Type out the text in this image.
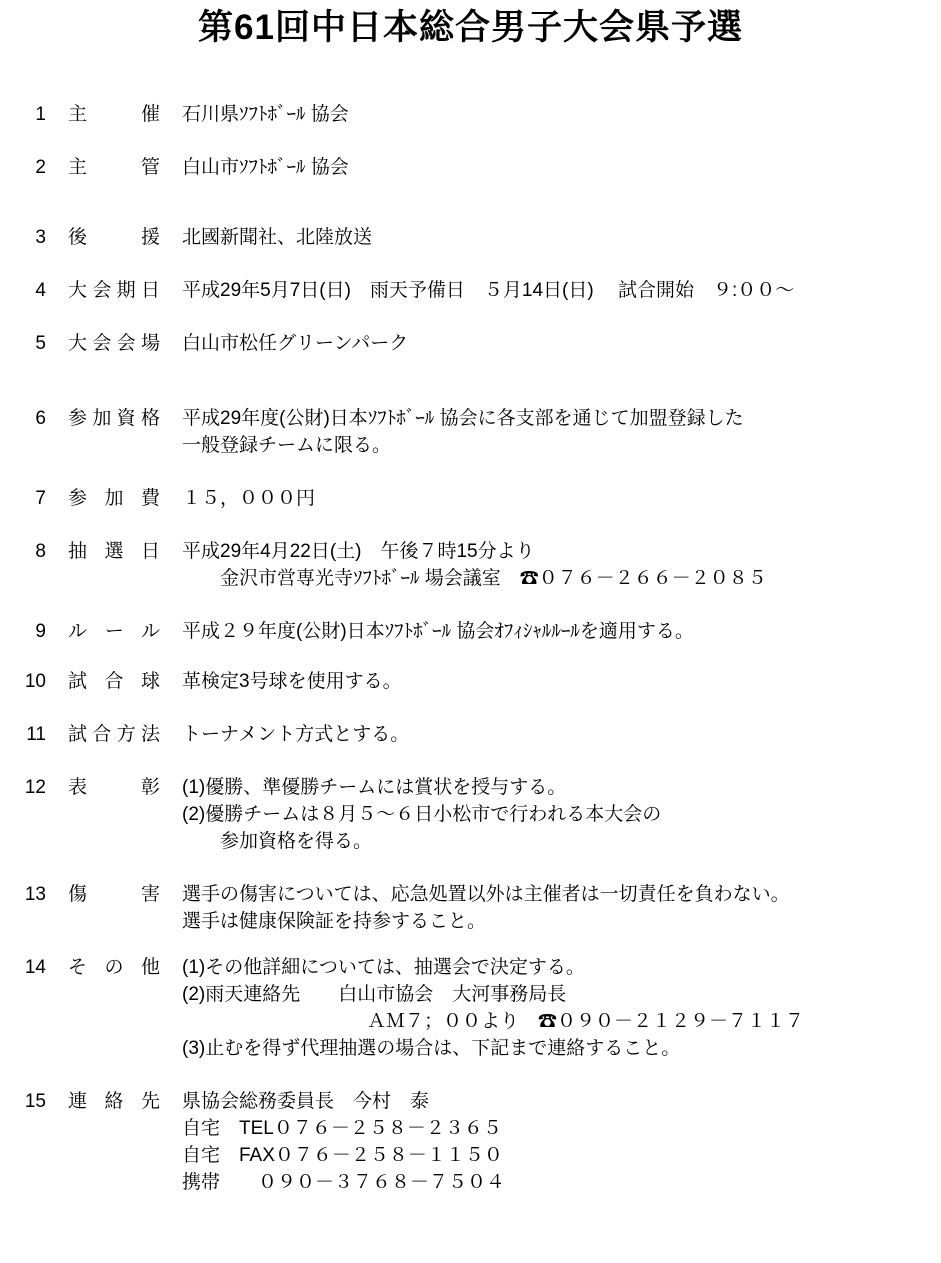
第61回中日本総合男子大会県予選
1 主催 石川県ｿﾌﾄﾎﾞｰﾙ 協会
2 主管 白山市ｿﾌﾄﾎﾞｰﾙ 協会
3 後援 北國新聞社、北陸放送
4 大会期日 平成29年5月7日(日)　雨天予備日　５月14日(日)　 試合開始　９:００～
5 大会会場 白山市松任グリーンパーク
6 参加資格 平成29年度(公財)日本ｿﾌﾄﾎﾞｰﾙ 協会に各支部を通じて加盟登録した
一般登録チームに限る。
7 参加費 １５，０００円
8 抽選日 平成29年4月22日(土)　午後７時15分より
金沢市営専光寺ｿﾌﾄﾎﾞｰﾙ 場会議室　☎０７６－２６６－２０８５
9 ルール 平成２９年度(公財)日本ｿﾌﾄﾎﾞｰﾙ 協会ｵﾌｨｼｬﾙﾙｰﾙを適用する。
10 試合球 革検定3号球を使用する。
11 試合方法 トーナメント方式とする。
12 表彰 (1)優勝、準優勝チームには賞状を授与する。
(2)優勝チームは８月５～６日小松市で行われる本大会の
参加資格を得る。
13 傷害 選手の傷害については、応急処置以外は主催者は一切責任を負わない。
選手は健康保険証を持参すること。
14 その他 (1)その他詳細については、抽選会で決定する。
(2)雨天連絡先　　白山市協会　大河事務局長
ＡＭ７；００より　☎０９０－２１２９－７１１７
(3)止むを得ず代理抽選の場合は、下記まで連絡すること。
15 連絡先 県協会総務委員長　今村　泰
自宅　TEL０７６－２５８－２３６５
自宅　FAX０７６－２５８－１１５０
携帯　　０９０－３７６８－７５０４
